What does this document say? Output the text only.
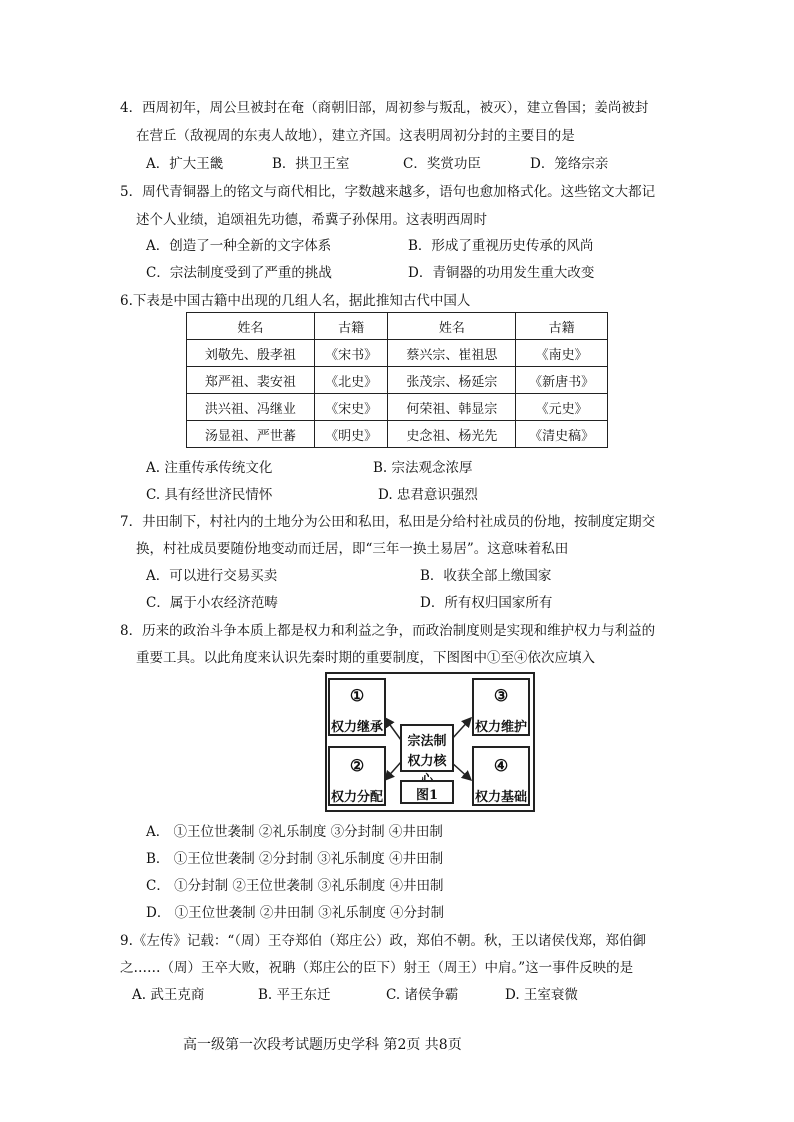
4．西周初年，周公旦被封在奄（商朝旧部，周初参与叛乱，被灭），建立鲁国；姜尚被封
在营丘（敌视周的东夷人故地），建立齐国。这表明周初分封的主要目的是
A．扩大王畿	B．拱卫王室	C．奖赏功臣	D．笼络宗亲
5．周代青铜器上的铭文与商代相比，字数越来越多，语句也愈加格式化。这些铭文大都记
述个人业绩，追颂祖先功德，希冀子孙保用。这表明西周时
A．创造了一种全新的文字体系	B．形成了重视历史传承的风尚
C．宗法制度受到了严重的挑战	D．青铜器的功用发生重大改变
6.下表是中国古籍中出现的几组人名，据此推知古代中国人
姓名	古籍	姓名	古籍
刘敬先、殷孝祖	《宋书》	蔡兴宗、崔祖思	《南史》
郑严祖、裴安祖	《北史》	张茂宗、杨延宗	《新唐书》
洪兴祖、冯继业	《宋史》	何荣祖、韩显宗	《元史》
汤显祖、严世蕃	《明史》	史念祖、杨光先	《清史稿》
A. 注重传承传统文化	B. 宗法观念浓厚
C. 具有经世济民情怀	D. 忠君意识强烈
7．井田制下，村社内的土地分为公田和私田，私田是分给村社成员的份地，按制度定期交
换，村社成员要随份地变动而迁居，即“三年一换土易居”。这意味着私田
A．可以进行交易买卖	B．收获全部上缴国家
C．属于小农经济范畴	D．所有权归国家所有
8．历来的政治斗争本质上都是权力和利益之争，而政治制度则是实现和维护权力与利益的
重要工具。以此角度来认识先秦时期的重要制度，下图图中①至④依次应填入
①
权力继承
②
权力分配
③
权力维护
④
权力基础
宗法制
权力核
图1
A． ①王位世袭制 ②礼乐制度 ③分封制 ④井田制
B． ①王位世袭制 ②分封制 ③礼乐制度 ④井田制
C． ①分封制 ②王位世袭制 ③礼乐制度 ④井田制
D． ①王位世袭制 ②井田制 ③礼乐制度 ④分封制
9.《左传》记载：“（周）王夺郑伯（郑庄公）政，郑伯不朝。秋，王以诸侯伐郑，郑伯御
之……（周）王卒大败，祝聃（郑庄公的臣下）射王（周王）中肩。”这一事件反映的是
A. 武王克商	B. 平王东迁	C. 诸侯争霸	D. 王室衰微
高一级第一次段考试题历史学科 第2页 共8页
